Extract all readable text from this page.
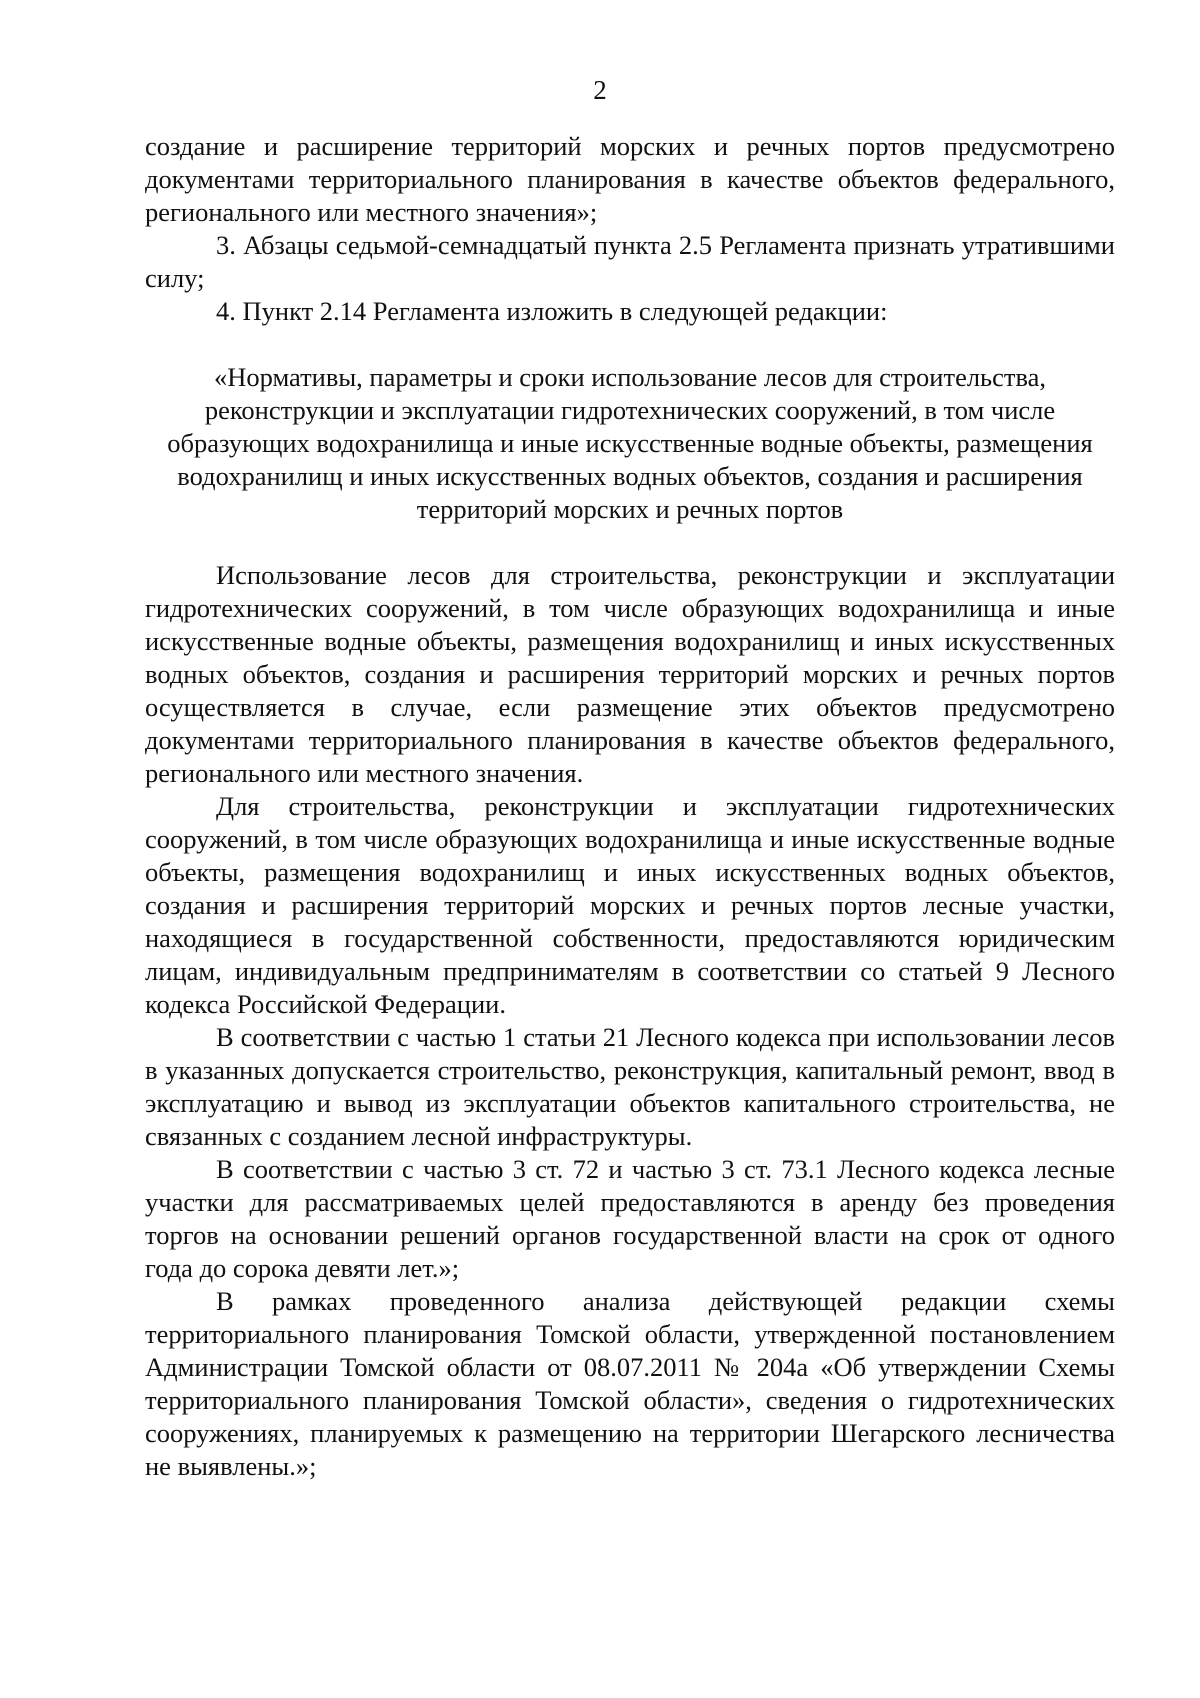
2

создание и расширение территорий морских и речных портов предусмотрено документами территориального планирования в качестве объектов федерального, регионального или местного значения»;

3. Абзацы седьмой-семнадцатый пункта 2.5 Регламента признать утратившими силу;

4. Пункт 2.14 Регламента изложить в следующей редакции:

«Нормативы, параметры и сроки использование лесов для строительства, реконструкции и эксплуатации гидротехнических сооружений, в том числе образующих водохранилища и иные искусственные водные объекты, размещения водохранилищ и иных искусственных водных объектов, создания и расширения территорий морских и речных портов

Использование лесов для строительства, реконструкции и эксплуатации гидротехнических сооружений, в том числе образующих водохранилища и иные искусственные водные объекты, размещения водохранилищ и иных искусственных водных объектов, создания и расширения территорий морских и речных портов осуществляется в случае, если размещение этих объектов предусмотрено документами территориального планирования в качестве объектов федерального, регионального или местного значения.

Для строительства, реконструкции и эксплуатации гидротехнических сооружений, в том числе образующих водохранилища и иные искусственные водные объекты, размещения водохранилищ и иных искусственных водных объектов, создания и расширения территорий морских и речных портов лесные участки, находящиеся в государственной собственности, предоставляются юридическим лицам, индивидуальным предпринимателям в соответствии со статьей 9 Лесного кодекса Российской Федерации.

В соответствии с частью 1 статьи 21 Лесного кодекса при использовании лесов в указанных допускается строительство, реконструкция, капитальный ремонт, ввод в эксплуатацию и вывод из эксплуатации объектов капитального строительства, не связанных с созданием лесной инфраструктуры.

В соответствии с частью 3 ст. 72 и частью 3 ст. 73.1 Лесного кодекса лесные участки для рассматриваемых целей предоставляются в аренду без проведения торгов на основании решений органов государственной власти на срок от одного года до сорока девяти лет.»;

В рамках проведенного анализа действующей редакции схемы территориального планирования Томской области, утвержденной постановлением Администрации Томской области от 08.07.2011 № 204а «Об утверждении Схемы территориального планирования Томской области», сведения о гидротехнических сооружениях, планируемых к размещению на территории Шегарского лесничества не выявлены.»;
